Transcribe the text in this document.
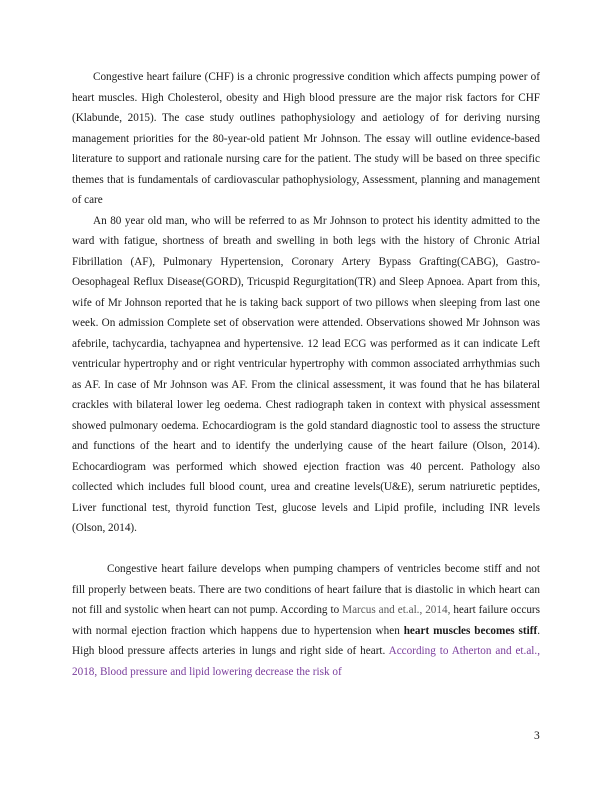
Congestive heart failure (CHF) is a chronic progressive condition which affects pumping power of heart muscles. High Cholesterol, obesity and High blood pressure are the major risk factors for CHF (Klabunde, 2015). The case study outlines pathophysiology and aetiology of for deriving nursing management priorities for the 80-year-old patient Mr Johnson. The essay will outline evidence-based literature to support and rationale nursing care for the patient. The study will be based on three specific themes that is fundamentals of cardiovascular pathophysiology, Assessment, planning and management of care

An 80 year old man, who will be referred to as Mr Johnson to protect his identity admitted to the ward with fatigue, shortness of breath and swelling in both legs with the history of Chronic Atrial Fibrillation (AF), Pulmonary Hypertension, Coronary Artery Bypass Grafting(CABG), Gastro-Oesophageal Reflux Disease(GORD), Tricuspid Regurgitation(TR) and Sleep Apnoea. Apart from this, wife of Mr Johnson reported that he is taking back support of two pillows when sleeping from last one week. On admission Complete set of observation were attended. Observations showed Mr Johnson was afebrile, tachycardia, tachyapnea and hypertensive. 12 lead ECG was performed as it can indicate Left ventricular hypertrophy and or right ventricular hypertrophy with common associated arrhythmias such as AF. In case of Mr Johnson was AF. From the clinical assessment, it was found that he has bilateral crackles with bilateral lower leg oedema. Chest radiograph taken in context with physical assessment showed pulmonary oedema. Echocardiogram is the gold standard diagnostic tool to assess the structure and functions of the heart and to identify the underlying cause of the heart failure (Olson, 2014). Echocardiogram was performed which showed ejection fraction was 40 percent. Pathology also collected which includes full blood count, urea and creatine levels(U&E), serum natriuretic peptides, Liver functional test, thyroid function Test, glucose levels and Lipid profile, including INR levels (Olson, 2014).

Congestive heart failure develops when pumping champers of ventricles become stiff and not fill properly between beats. There are two conditions of heart failure that is diastolic in which heart can not fill and systolic when heart can not pump. According to Marcus and et.al., 2014, heart failure occurs with normal ejection fraction which happens due to hypertension when heart muscles becomes stiff. High blood pressure affects arteries in lungs and right side of heart. According to Atherton and et.al., 2018, Blood pressure and lipid lowering decrease the risk of

3
